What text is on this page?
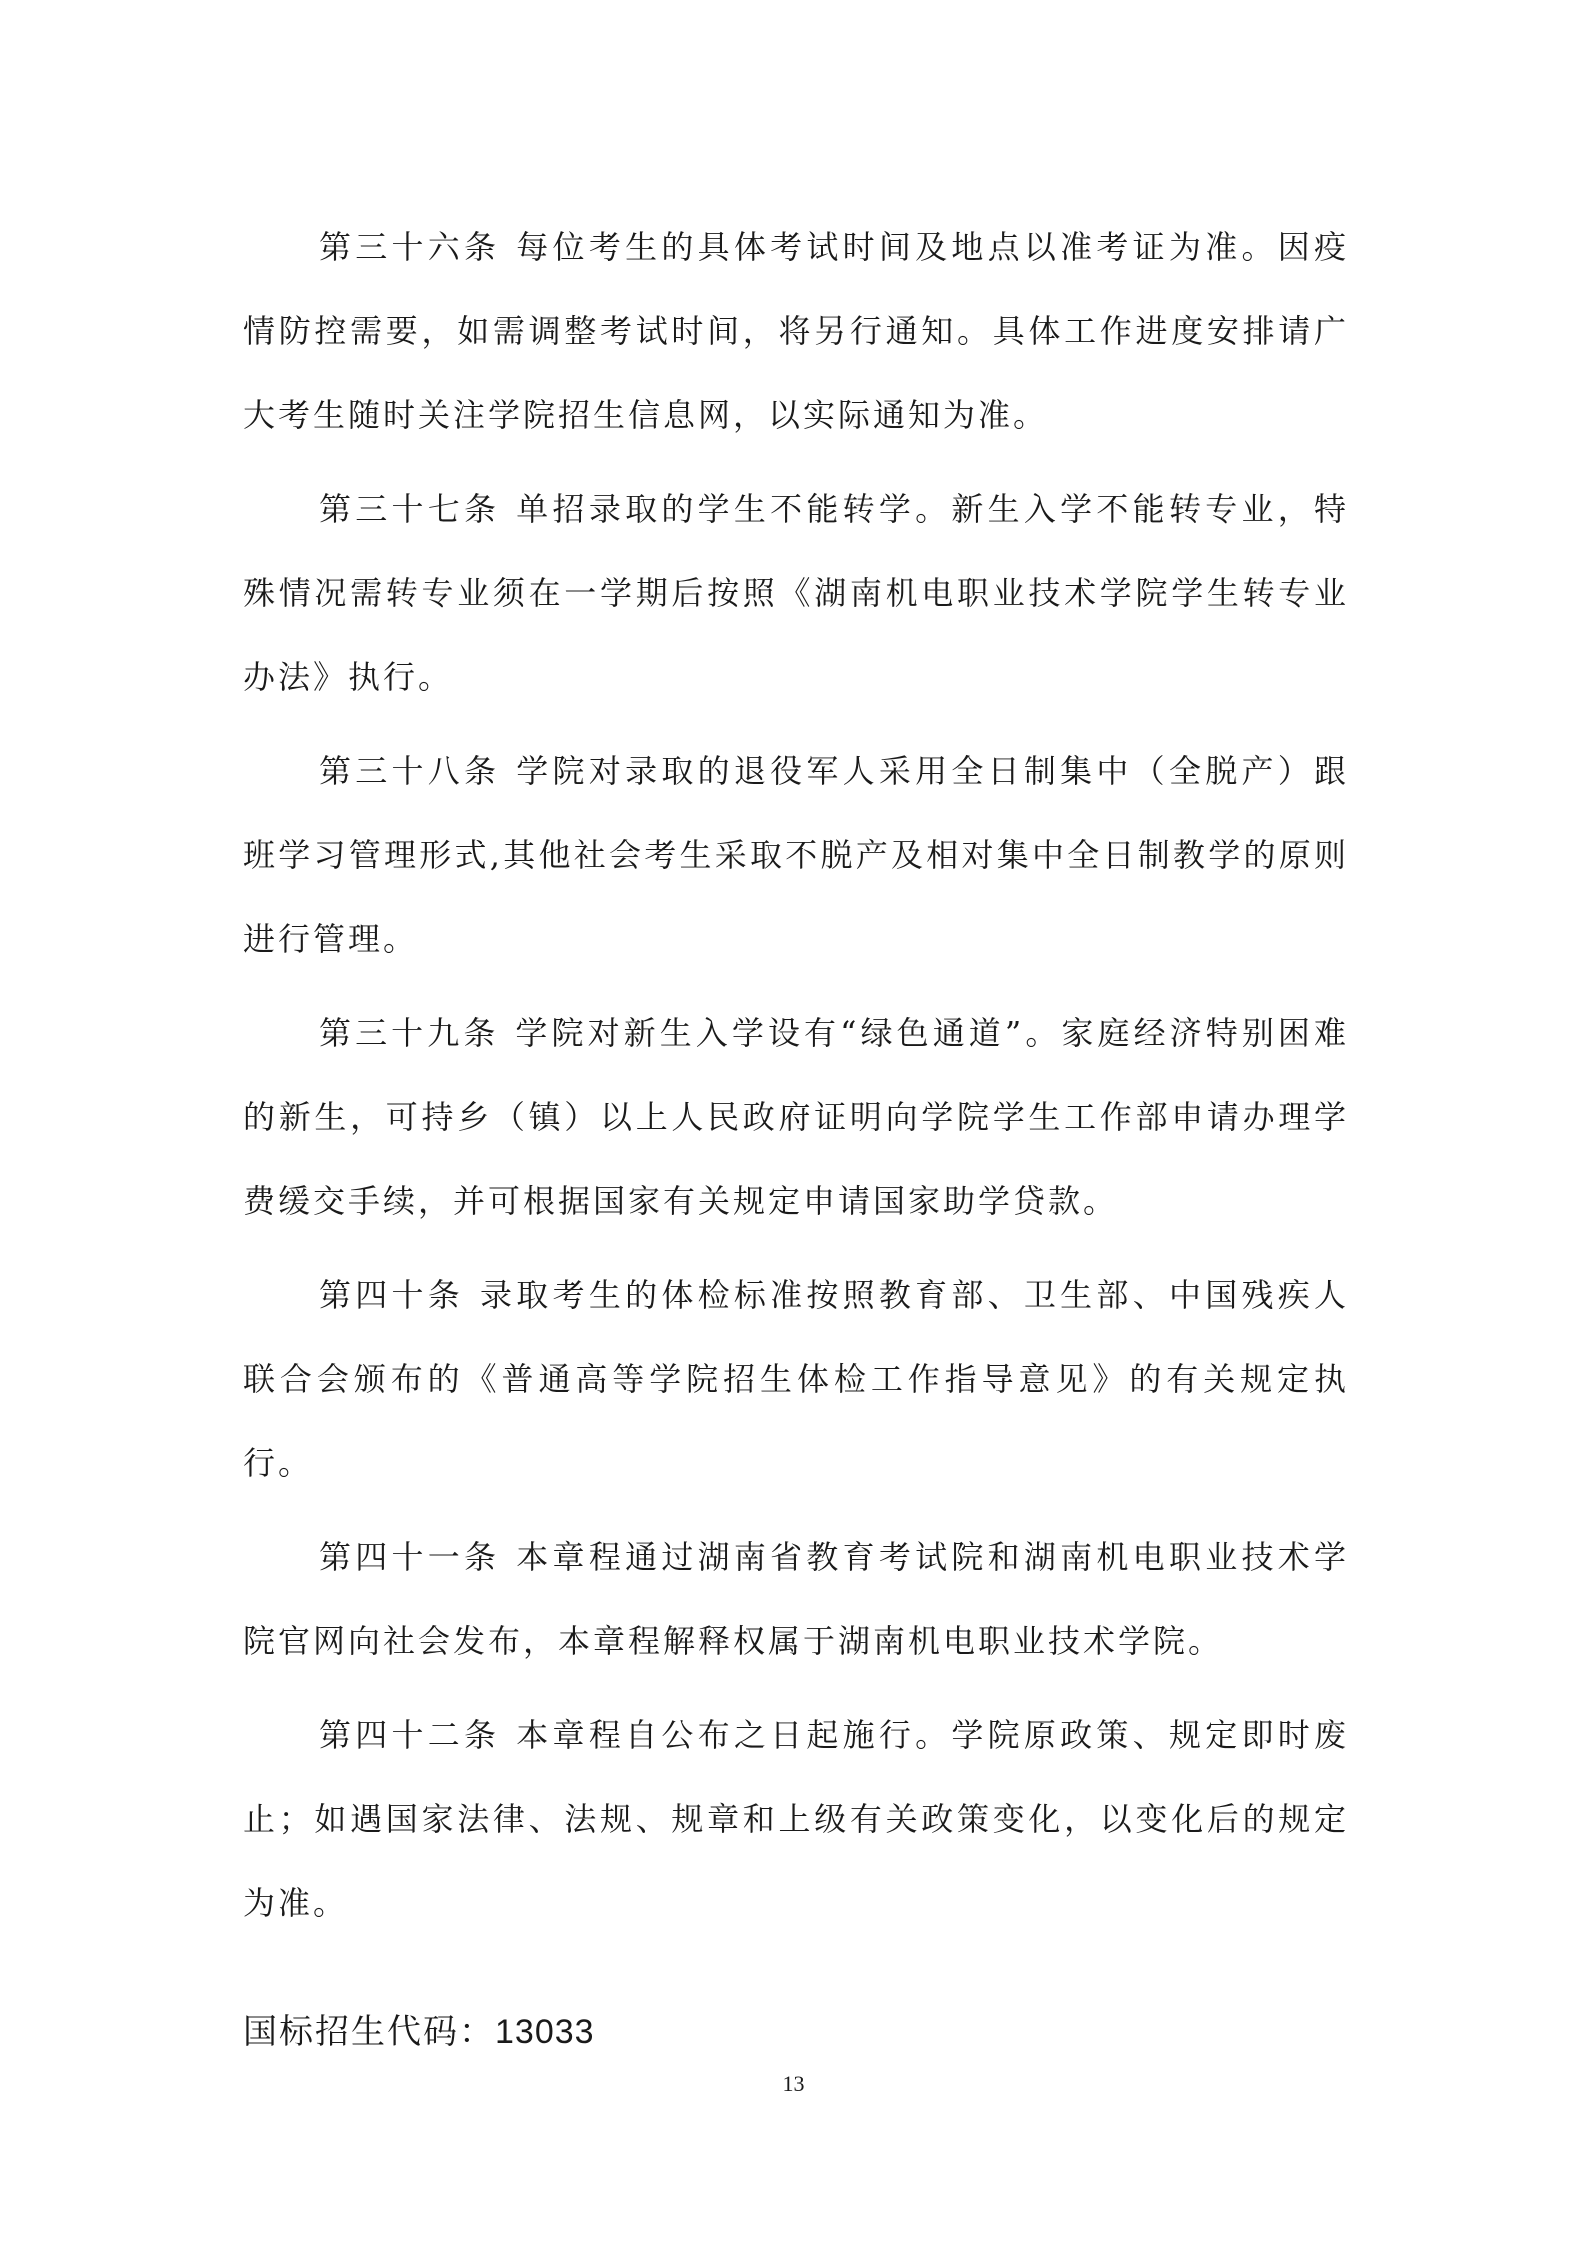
第三十六条 每位考生的具体考试时间及地点以准考证为准。因疫情防控需要，如需调整考试时间，将另行通知。具体工作进度安排请广大考生随时关注学院招生信息网，以实际通知为准。

第三十七条 单招录取的学生不能转学。新生入学不能转专业，特殊情况需转专业须在一学期后按照《湖南机电职业技术学院学生转专业办法》执行。

第三十八条 学院对录取的退役军人采用全日制集中（全脱产）跟班学习管理形式,其他社会考生采取不脱产及相对集中全日制教学的原则进行管理。

第三十九条 学院对新生入学设有“绿色通道”。家庭经济特别困难的新生，可持乡（镇）以上人民政府证明向学院学生工作部申请办理学费缓交手续，并可根据国家有关规定申请国家助学贷款。

第四十条 录取考生的体检标准按照教育部、卫生部、中国残疾人联合会颁布的《普通高等学院招生体检工作指导意见》的有关规定执行。

第四十一条 本章程通过湖南省教育考试院和湖南机电职业技术学院官网向社会发布，本章程解释权属于湖南机电职业技术学院。

第四十二条 本章程自公布之日起施行。学院原政策、规定即时废止；如遇国家法律、法规、规章和上级有关政策变化，以变化后的规定为准。

国标招生代码：13033
13
